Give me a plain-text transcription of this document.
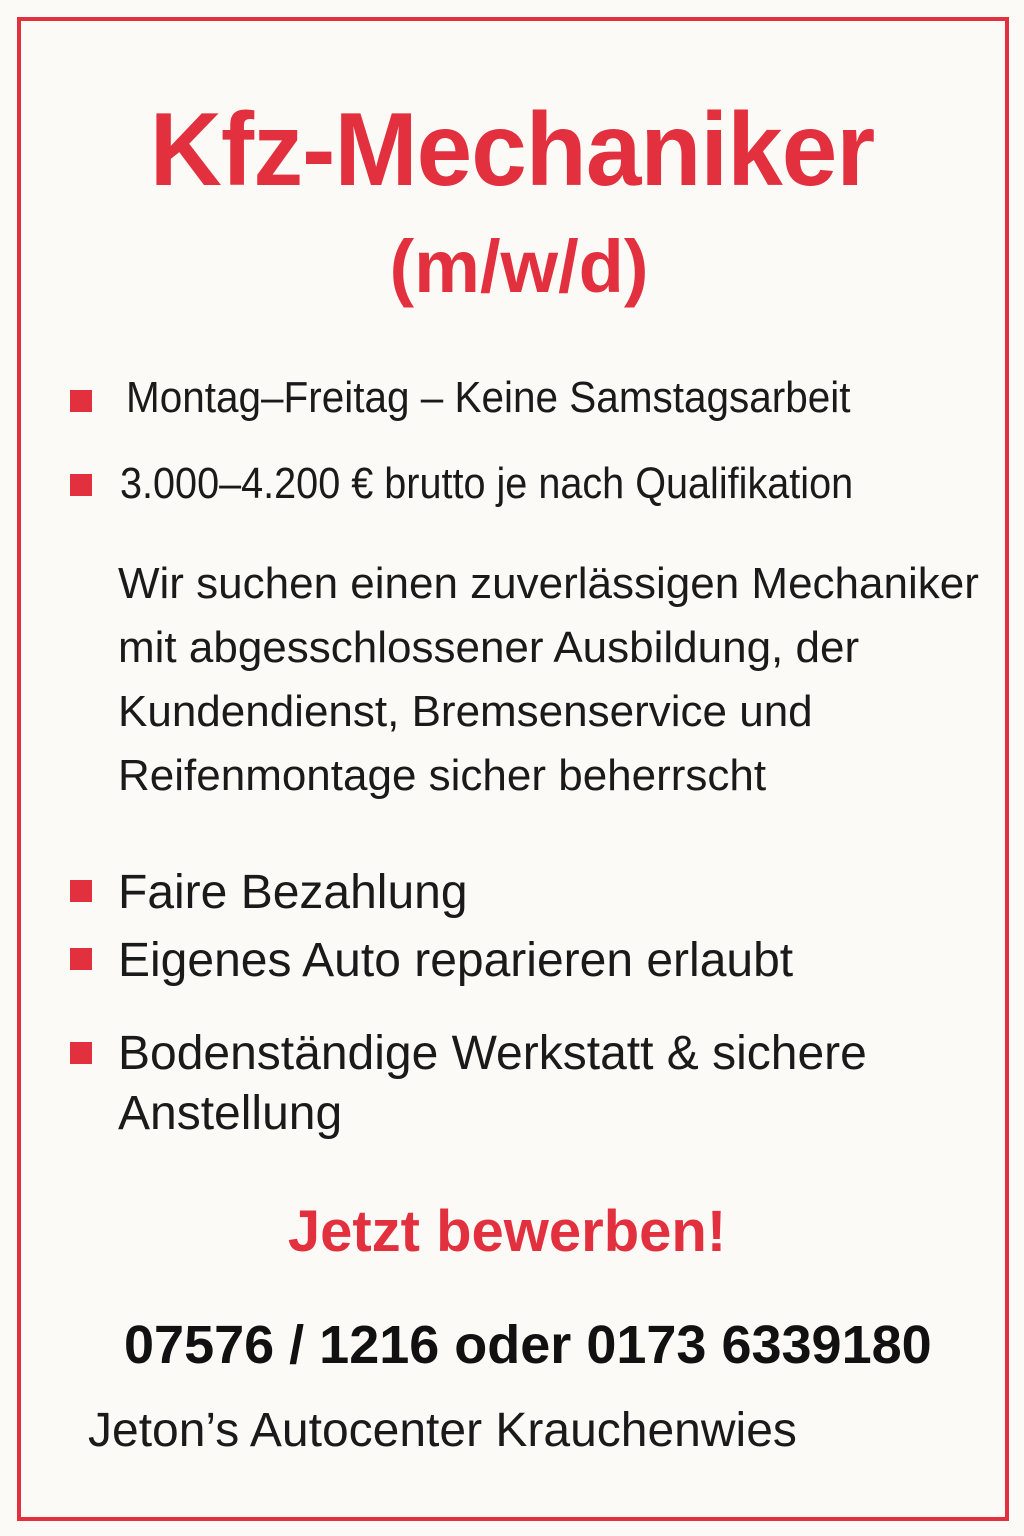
Kfz-Mechaniker
(m/w/d)
Montag–Freitag – Keine Samstagsarbeit
3.000–4.200 € brutto je nach Qualifikation
Wir suchen einen zuverlässigen Mechaniker
mit abgesschlossener Ausbildung, der
Kundendienst, Bremsenservice und
Reifenmontage sicher beherrscht
Faire Bezahlung
Eigenes Auto reparieren erlaubt
Bodenständige Werkstatt & sichere
Anstellung
Jetzt bewerben!
07576 / 1216 oder 0173 6339180
Jeton’s Autocenter Krauchenwies
